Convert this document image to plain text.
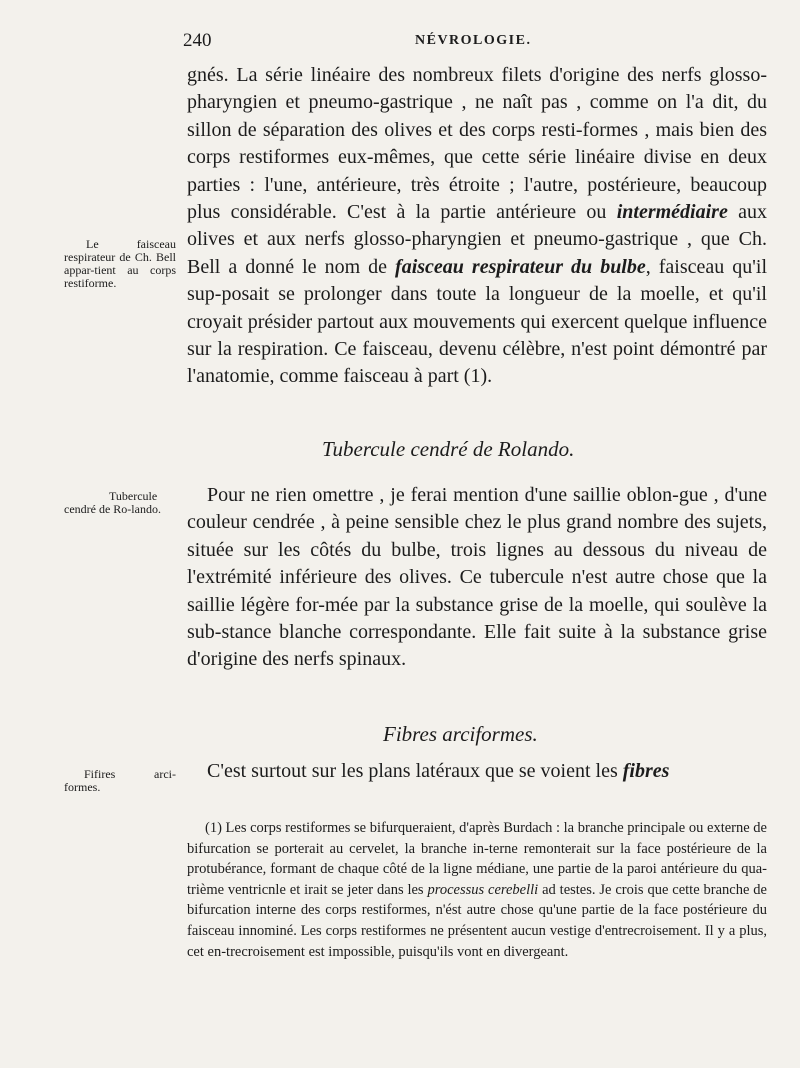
240	NÉVROLOGIE.

gnés. La série linéaire des nombreux filets d'origine des nerfs glosso-pharyngien et pneumo-gastrique , ne naît pas , comme on l'a dit, du sillon de séparation des olives et des corps resti-formes , mais bien des corps restiformes eux-mêmes, que cette série linéaire divise en deux parties : l'une, antérieure, très étroite ; l'autre, postérieure, beaucoup plus considérable. C'est à la partie antérieure ou intermédiaire aux olives et aux nerfs glosso-pharyngien et pneumo-gastrique , que Ch. Bell a donné le nom de faisceau respirateur du bulbe, faisceau qu'il sup-posait se prolonger dans toute la longueur de la moelle, et qu'il croyait présider partout aux mouvements qui exercent quelque influence sur la respiration. Ce faisceau, devenu célèbre, n'est point démontré par l'anatomie, comme faisceau à part (1).

Tubercule cendré de Rolando.

Pour ne rien omettre , je ferai mention d'une saillie oblon-gue , d'une couleur cendrée , à peine sensible chez le plus grand nombre des sujets, située sur les côtés du bulbe, trois lignes au dessous du niveau de l'extrémité inférieure des olives. Ce tubercule n'est autre chose que la saillie légère for-mée par la substance grise de la moelle, qui soulève la sub-stance blanche correspondante. Elle fait suite à la substance grise d'origine des nerfs spinaux.

Fibres arciformes.

C'est surtout sur les plans latéraux que se voient les fibres

Le faisceau respirateur de Ch. Bell appar-tient au corps restiforme.

Tubercule cendré de Ro-lando.

Fifires arci-formes.

(1) Les corps restiformes se bifurqueraient, d'après Burdach : la branche principale ou externe de bifurcation se porterait au cervelet, la branche in-terne remonterait sur la face postérieure de la protubérance, formant de chaque côté de la ligne médiane, une partie de la paroi antérieure du qua-trième ventricnle et irait se jeter dans les processus cerebelli ad testes. Je crois que cette branche de bifurcation interne des corps restiformes, n'ést autre chose qu'une partie de la face postérieure du faisceau innominé. Les corps restiformes ne présentent aucun vestige d'entrecroisement. Il y a plus, cet en-trecroisement est impossible, puisqu'ils vont en divergeant.
